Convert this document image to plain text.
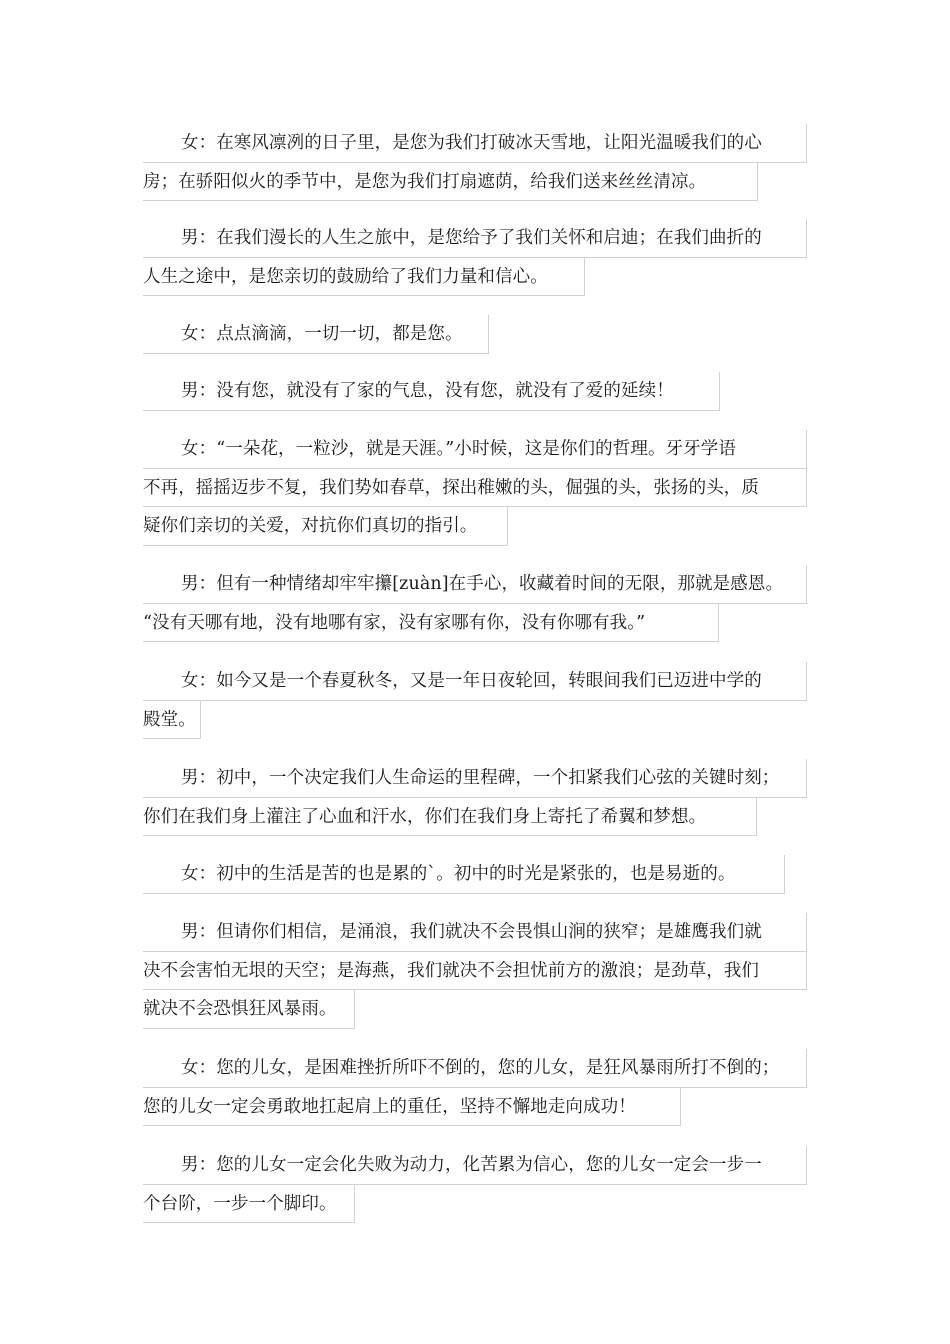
女：在寒风凛冽的日子里，是您为我们打破冰天雪地，让阳光温暖我们的心
房；在骄阳似火的季节中，是您为我们打扇遮荫，给我们送来丝丝清凉。
男：在我们漫长的人生之旅中，是您给予了我们关怀和启迪；在我们曲折的
人生之途中，是您亲切的鼓励给了我们力量和信心。
女：点点滴滴，一切一切，都是您。
男：没有您，就没有了家的气息，没有您，就没有了爱的延续！
女：“一朵花，一粒沙，就是天涯。”小时候，这是你们的哲理。牙牙学语
不再，摇摇迈步不复，我们势如春草，探出稚嫩的头，倔强的头，张扬的头，质
疑你们亲切的关爱，对抗你们真切的指引。
男：但有一种情绪却牢牢攥[zuàn]在手心，收藏着时间的无限，那就是感恩。
“没有天哪有地，没有地哪有家，没有家哪有你，没有你哪有我。”
女：如今又是一个春夏秋冬，又是一年日夜轮回，转眼间我们已迈进中学的
殿堂。
男：初中，一个决定我们人生命运的里程碑，一个扣紧我们心弦的关键时刻；
你们在我们身上灌注了心血和汗水，你们在我们身上寄托了希翼和梦想。
女：初中的生活是苦的也是累的`。初中的时光是紧张的，也是易逝的。
男：但请你们相信，是涌浪，我们就决不会畏惧山涧的狭窄；是雄鹰我们就
决不会害怕无垠的天空；是海燕，我们就决不会担忧前方的激浪；是劲草，我们
就决不会恐惧狂风暴雨。
女：您的儿女，是困难挫折所吓不倒的，您的儿女，是狂风暴雨所打不倒的；
您的儿女一定会勇敢地扛起肩上的重任，坚持不懈地走向成功！
男：您的儿女一定会化失败为动力，化苦累为信心，您的儿女一定会一步一
个台阶，一步一个脚印。
